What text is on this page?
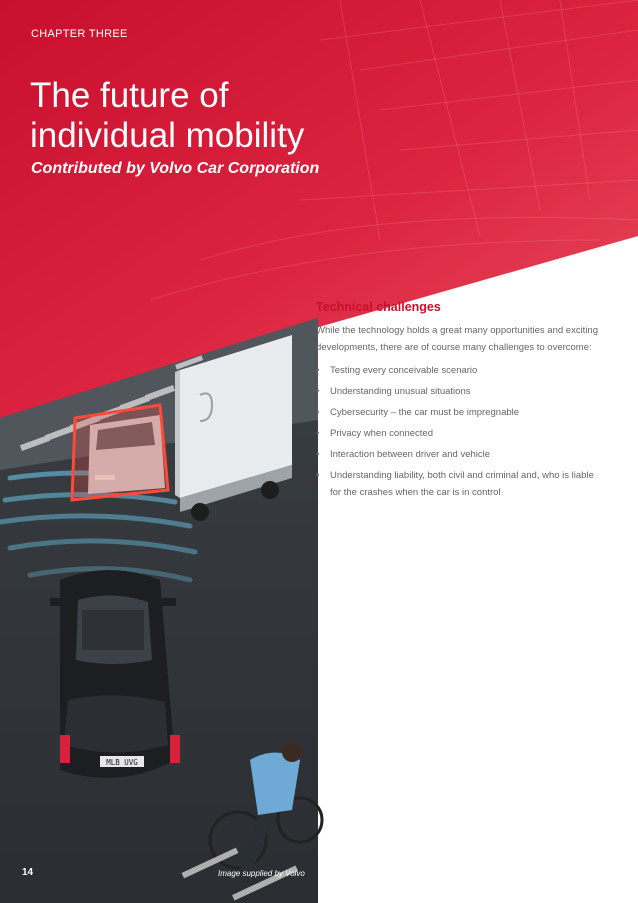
CHAPTER THREE

The future of
individual mobility

Contributed by Volvo Car Corporation

MLB UVG
Technical challenges

While the technology holds a great many opportunities and exciting developments, there are of course many challenges to overcome:

• Testing every conceivable scenario
• Understanding unusual situations
• Cybersecurity – the car must be impregnable
• Privacy when connected
• Interaction between driver and vehicle
• Understanding liability, both civil and criminal and, who is liable for the crashes when the car is in control

14	Image supplied by Volvo
